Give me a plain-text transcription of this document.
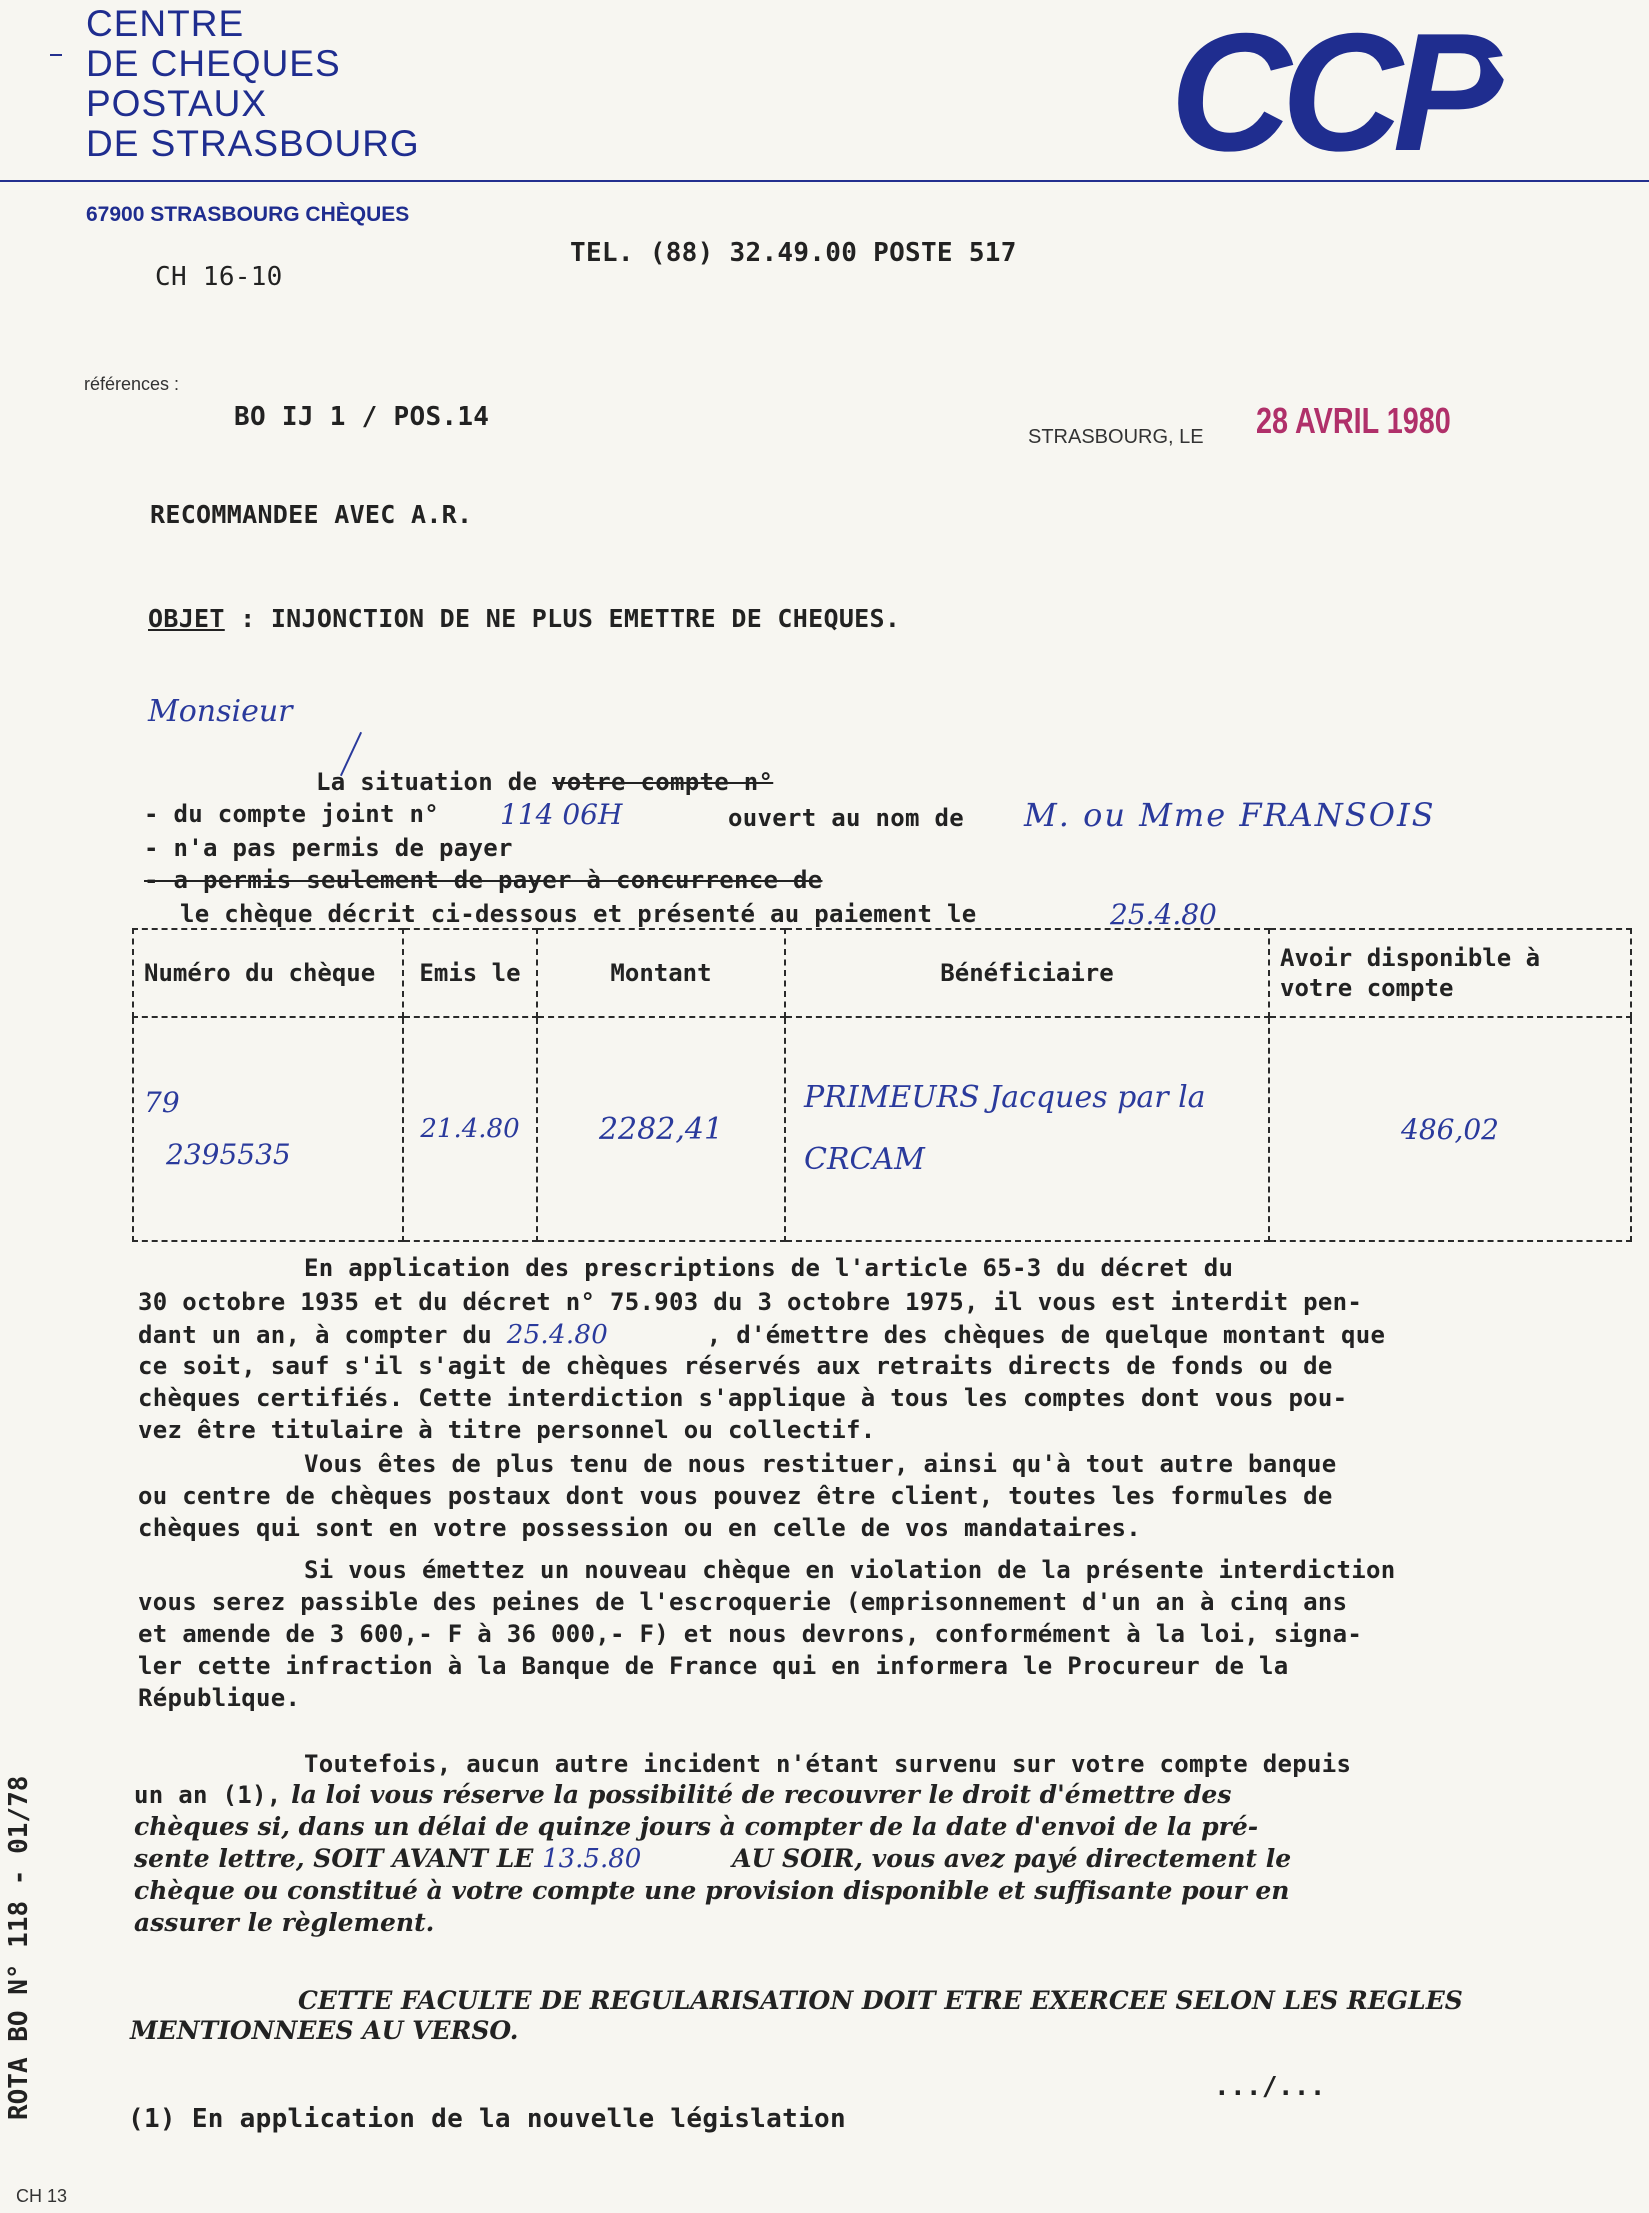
CENTRE
DE CHEQUES
POSTAUX
DE STRASBOURG	CCP
67900 STRASBOURG CHÈQUES
TEL. (88) 32.49.00 POSTE 517
CH 16-10
références :
BO IJ 1 / POS.14
STRASBOURG, LE 28 AVRIL 1980
RECOMMANDEE AVEC A.R.
OBJET : INJONCTION DE NE PLUS EMETTRE DE CHEQUES.
Monsieur
La situation de votre compte n°
- du compte joint n° 114 06H	ouvert au nom de M. ou Mme FRANSOIS
- n'a pas permis de payer
- a permis seulement de payer à concurrence de
le chèque décrit ci-dessous et présenté au paiement le	25.4.80
Numéro du chèque	Emis le	Montant	Bénéficiaire	Avoir disponible à votre compte

79
2395535	21.4.80	2282,41	PRIMEURS Jacques par la CRCAM	486,02
En application des prescriptions de l'article 65-3 du décret du
30 octobre 1935 et du décret n° 75.903 du 3 octobre 1975, il vous est interdit pen-
dant un an, à compter du 25.4.80	, d'émettre des chèques de quelque montant que
ce soit, sauf s'il s'agit de chèques réservés aux retraits directs de fonds ou de
chèques certifiés. Cette interdiction s'applique à tous les comptes dont vous pou-
vez être titulaire à titre personnel ou collectif.
Vous êtes de plus tenu de nous restituer, ainsi qu'à tout autre banque
ou centre de chèques postaux dont vous pouvez être client, toutes les formules de
chèques qui sont en votre possession ou en celle de vos mandataires.
Si vous émettez un nouveau chèque en violation de la présente interdiction
vous serez passible des peines de l'escroquerie (emprisonnement d'un an à cinq ans
et amende de 3 600,- F à 36 000,- F) et nous devrons, conformément à la loi, signa-
ler cette infraction à la Banque de France qui en informera le Procureur de la
République.
Toutefois, aucun autre incident n'étant survenu sur votre compte depuis
un an (1), la loi vous réserve la possibilité de recouvrer le droit d'émettre des
chèques si, dans un délai de quinze jours à compter de la date d'envoi de la pré-
sente lettre, SOIT AVANT LE 13.5.80	AU SOIR, vous avez payé directement le
chèque ou constitué à votre compte une provision disponible et suffisante pour en
assurer le règlement.
CETTE FACULTE DE REGULARISATION DOIT ETRE EXERCEE SELON LES REGLES
MENTIONNEES AU VERSO.
.../...
(1) En application de la nouvelle législation
ROTA BO N° 118 - 01/78
CH 13
